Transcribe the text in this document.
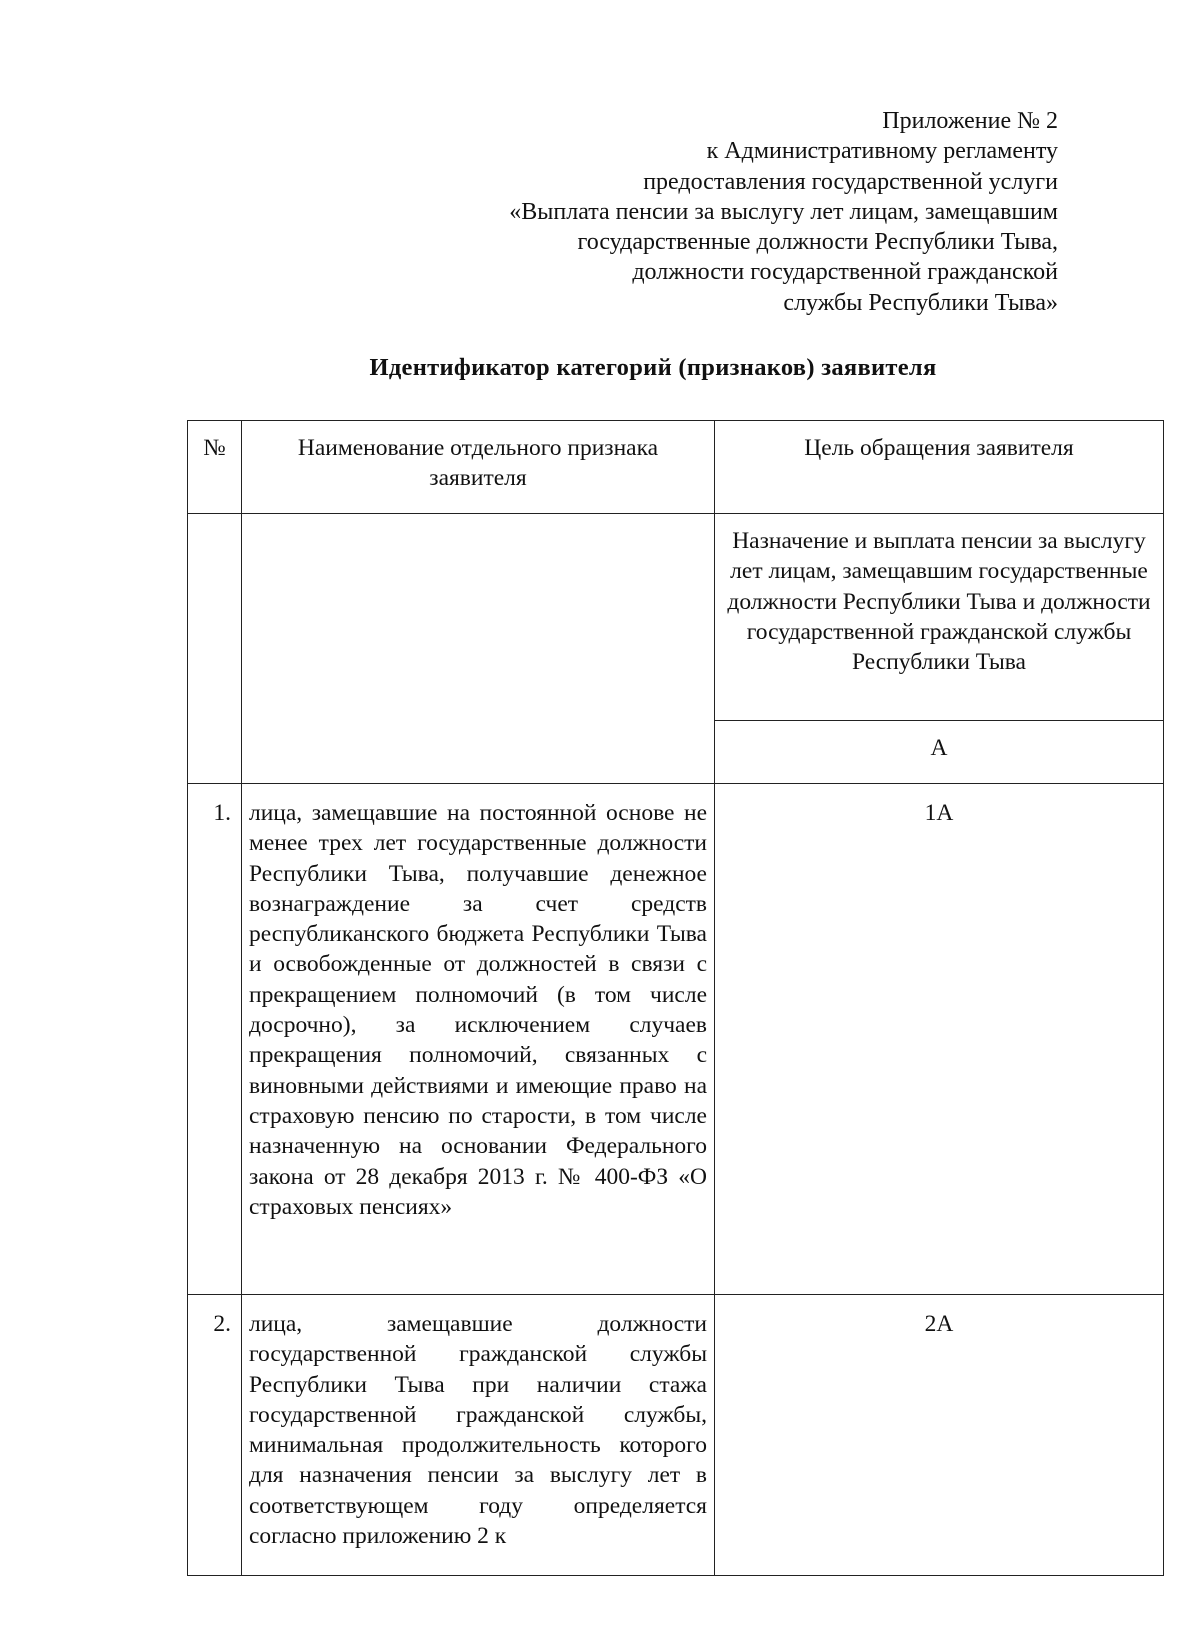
Приложение № 2
к Административному регламенту
предоставления государственной услуги
«Выплата пенсии за выслугу лет лицам, замещавшим
государственные должности Республики Тыва,
должности государственной гражданской
службы Республики Тыва»
Идентификатор категорий (признаков) заявителя
№	Наименование отдельного признака заявителя	Цель обращения заявителя
		Назначение и выплата пенсии за выслугу лет лицам, замещавшим государственные должности Республики Тыва и должности государственной гражданской службы Республики Тыва
		А
1.	лица, замещавшие на постоянной основе не менее трех лет государственные должности Республики Тыва, получавшие денежное вознаграждение за счет средств республиканского бюджета Республики Тыва и освобожденные от должностей в связи с прекращением полномочий (в том числе досрочно), за исключением случаев прекращения полномочий, связанных с виновными действиями и имеющие право на страховую пенсию по старости, в том числе назначенную на основании Федерального закона от 28 декабря 2013 г. № 400-ФЗ «О страховых пенсиях»	1А
2.	лица, замещавшие должности государственной гражданской службы Республики Тыва при наличии стажа государственной гражданской службы, минимальная продолжительность которого для назначения пенсии за выслугу лет в соответствующем году определяется согласно приложению 2 к	2А
